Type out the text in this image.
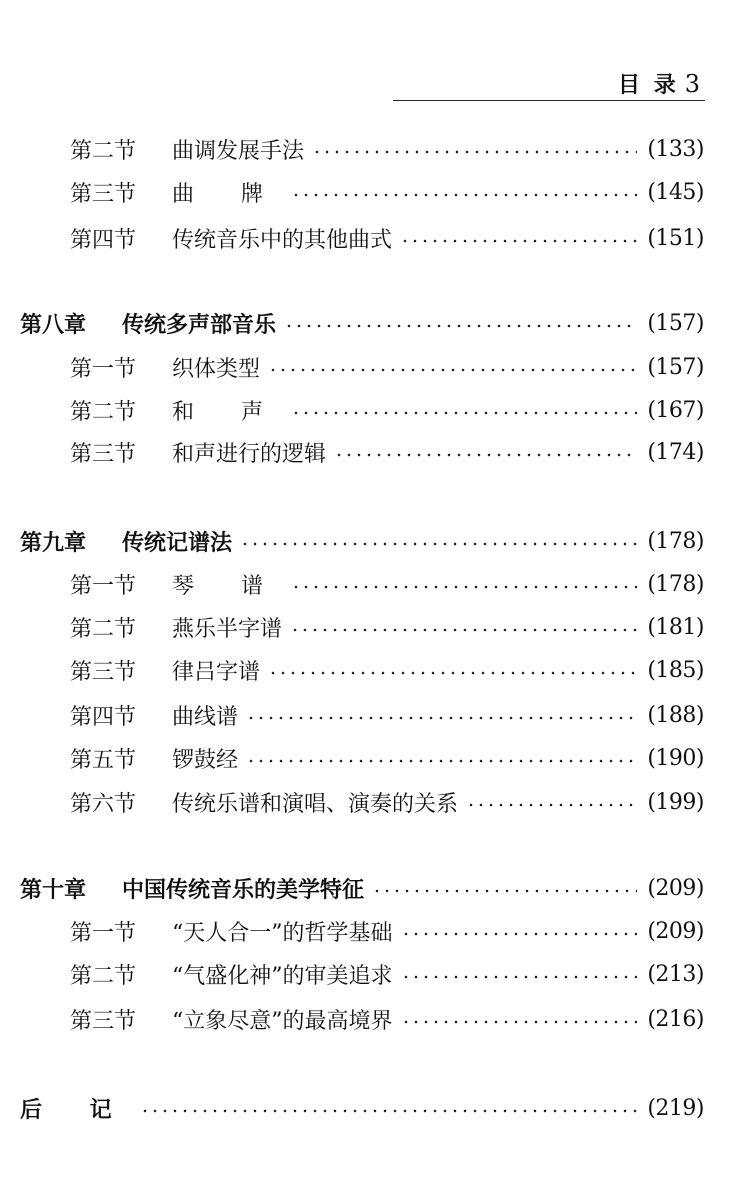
目 录 3
第二节	曲调发展手法	(133)
第三节	曲 牌	(145)
第四节	传统音乐中的其他曲式	(151)
第八章	传统多声部音乐	(157)
第一节	织体类型	(157)
第二节	和 声	(167)
第三节	和声进行的逻辑	(174)
第九章	传统记谱法	(178)
第一节	琴 谱	(178)
第二节	燕乐半字谱	(181)
第三节	律吕字谱	(185)
第四节	曲线谱	(188)
第五节	锣鼓经	(190)
第六节	传统乐谱和演唱、演奏的关系	(199)
第十章	中国传统音乐的美学特征	(209)
第一节	“天人合一”的哲学基础	(209)
第二节	“气盛化神”的审美追求	(213)
第三节	“立象尽意”的最高境界	(216)
后 记	(219)
